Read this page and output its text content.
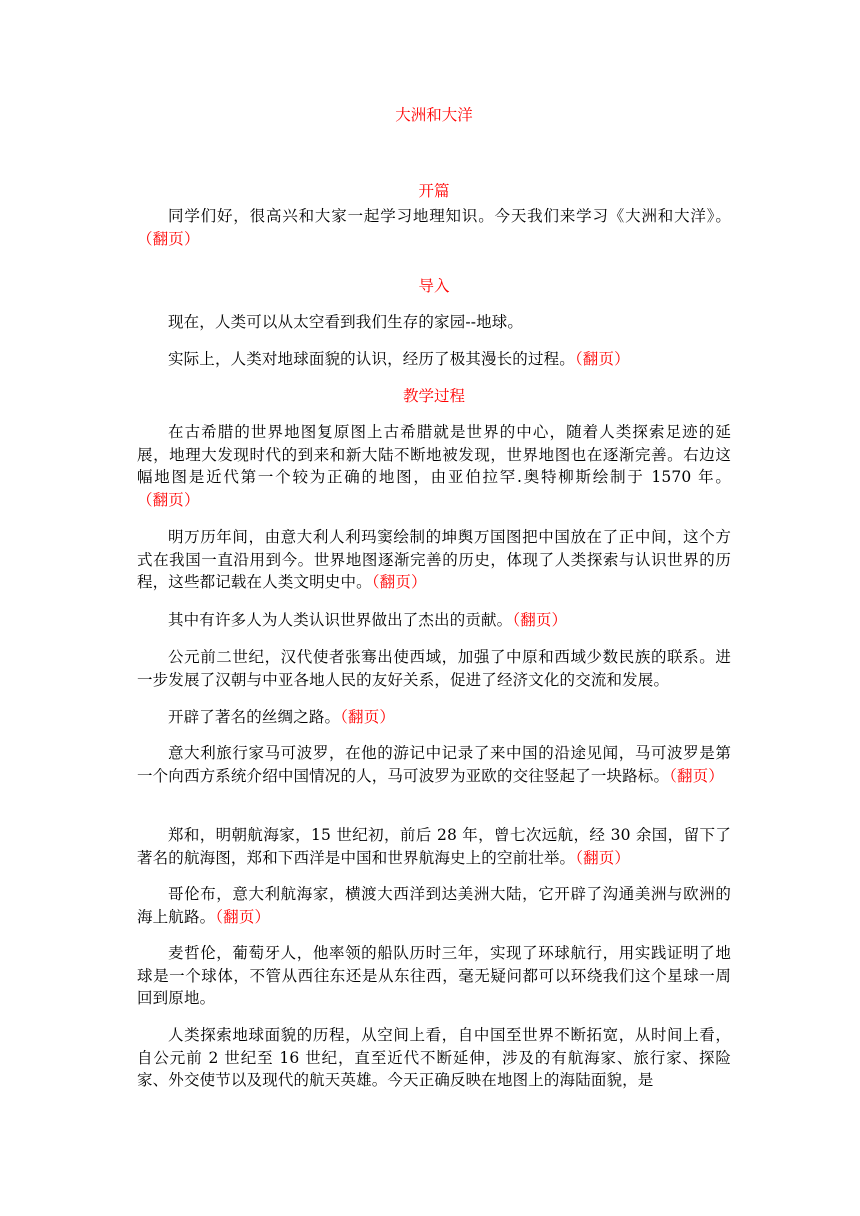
大洲和大洋
开篇

同学们好，很高兴和大家一起学习地理知识。今天我们来学习《大洲和大洋》。（翻页）

导入

现在，人类可以从太空看到我们生存的家园--地球。

实际上，人类对地球面貌的认识，经历了极其漫长的过程。（翻页）

教学过程

在古希腊的世界地图复原图上古希腊就是世界的中心，随着人类探索足迹的延展，地理大发现时代的到来和新大陆不断地被发现，世界地图也在逐渐完善。右边这幅地图是近代第一个较为正确的地图，由亚伯拉罕.奥特柳斯绘制于 1570 年。（翻页）

明万历年间，由意大利人利玛窦绘制的坤舆万国图把中国放在了正中间，这个方式在我国一直沿用到今。世界地图逐渐完善的历史，体现了人类探索与认识世界的历程，这些都记载在人类文明史中。（翻页）

其中有许多人为人类认识世界做出了杰出的贡献。（翻页）

公元前二世纪，汉代使者张骞出使西域，加强了中原和西域少数民族的联系。进一步发展了汉朝与中亚各地人民的友好关系，促进了经济文化的交流和发展。

开辟了著名的丝绸之路。（翻页）

意大利旅行家马可波罗，在他的游记中记录了来中国的沿途见闻，马可波罗是第一个向西方系统介绍中国情况的人，马可波罗为亚欧的交往竖起了一块路标。（翻页）

郑和，明朝航海家，15 世纪初，前后 28 年，曾七次远航，经 30 余国，留下了著名的航海图，郑和下西洋是中国和世界航海史上的空前壮举。（翻页）

哥伦布，意大利航海家，横渡大西洋到达美洲大陆，它开辟了沟通美洲与欧洲的海上航路。（翻页）

麦哲伦，葡萄牙人，他率领的船队历时三年，实现了环球航行，用实践证明了地球是一个球体，不管从西往东还是从东往西，毫无疑问都可以环绕我们这个星球一周回到原地。

人类探索地球面貌的历程，从空间上看，自中国至世界不断拓宽，从时间上看，自公元前 2 世纪至 16 世纪，直至近代不断延伸，涉及的有航海家、旅行家、探险家、外交使节以及现代的航天英雄。今天正确反映在地图上的海陆面貌，是
